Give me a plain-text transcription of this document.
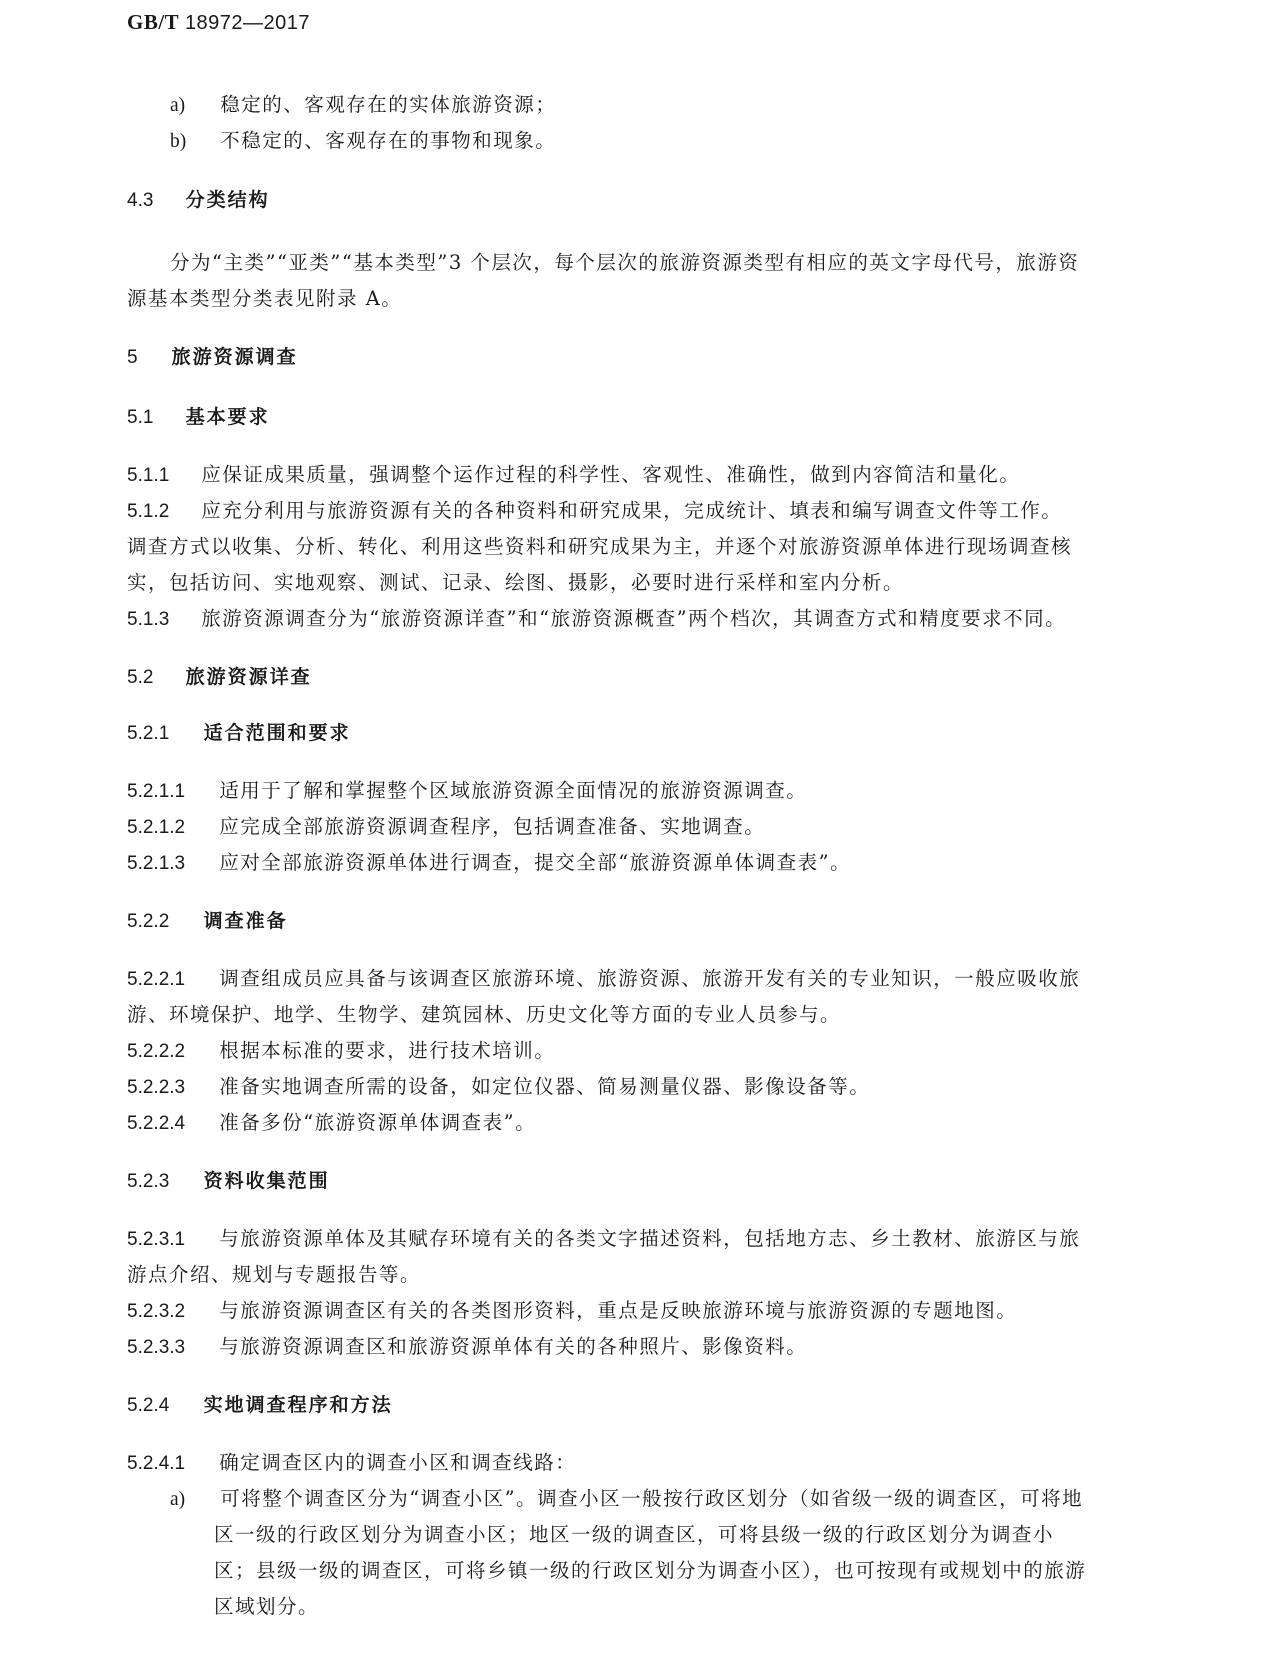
GB/T 18972—2017
a) 稳定的、客观存在的实体旅游资源；
b) 不稳定的、客观存在的事物和现象。
4.3 分类结构
分为“主类”“亚类”“基本类型”3 个层次，每个层次的旅游资源类型有相应的英文字母代号，旅游资
源基本类型分类表见附录 A。
5 旅游资源调查
5.1 基本要求
5.1.1 应保证成果质量，强调整个运作过程的科学性、客观性、准确性，做到内容简洁和量化。
5.1.2 应充分利用与旅游资源有关的各种资料和研究成果，完成统计、填表和编写调查文件等工作。
调查方式以收集、分析、转化、利用这些资料和研究成果为主，并逐个对旅游资源单体进行现场调查核
实，包括访问、实地观察、测试、记录、绘图、摄影，必要时进行采样和室内分析。
5.1.3 旅游资源调查分为“旅游资源详查”和“旅游资源概查”两个档次，其调查方式和精度要求不同。
5.2 旅游资源详查
5.2.1 适合范围和要求
5.2.1.1 适用于了解和掌握整个区域旅游资源全面情况的旅游资源调查。
5.2.1.2 应完成全部旅游资源调查程序，包括调查准备、实地调查。
5.2.1.3 应对全部旅游资源单体进行调查，提交全部“旅游资源单体调查表”。
5.2.2 调查准备
5.2.2.1 调查组成员应具备与该调查区旅游环境、旅游资源、旅游开发有关的专业知识，一般应吸收旅
游、环境保护、地学、生物学、建筑园林、历史文化等方面的专业人员参与。
5.2.2.2 根据本标准的要求，进行技术培训。
5.2.2.3 准备实地调查所需的设备，如定位仪器、简易测量仪器、影像设备等。
5.2.2.4 准备多份“旅游资源单体调查表”。
5.2.3 资料收集范围
5.2.3.1 与旅游资源单体及其赋存环境有关的各类文字描述资料，包括地方志、乡土教材、旅游区与旅
游点介绍、规划与专题报告等。
5.2.3.2 与旅游资源调查区有关的各类图形资料，重点是反映旅游环境与旅游资源的专题地图。
5.2.3.3 与旅游资源调查区和旅游资源单体有关的各种照片、影像资料。
5.2.4 实地调查程序和方法
5.2.4.1 确定调查区内的调查小区和调查线路：
a) 可将整个调查区分为“调查小区”。调查小区一般按行政区划分（如省级一级的调查区，可将地
区一级的行政区划分为调查小区；地区一级的调查区，可将县级一级的行政区划分为调查小
区；县级一级的调查区，可将乡镇一级的行政区划分为调查小区），也可按现有或规划中的旅游
区域划分。
